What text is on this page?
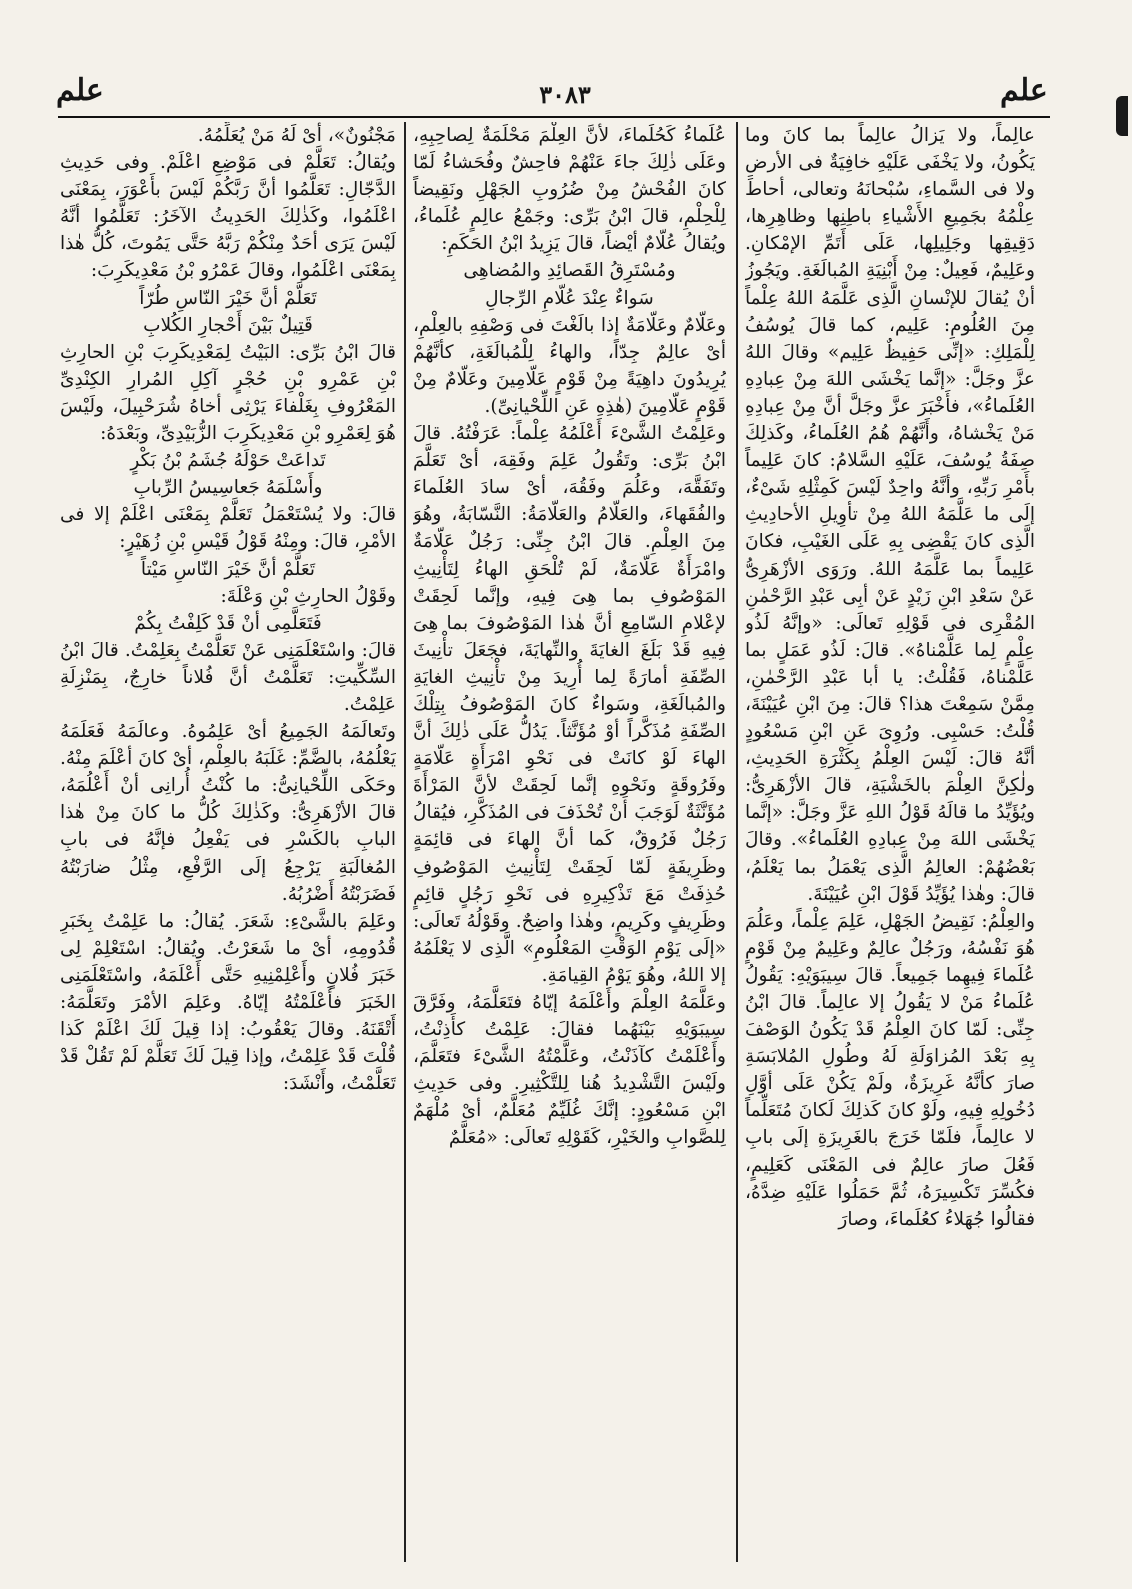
علم
٣٠٨٣
علم

عالِماً، ولا يَزالُ عالِماً بما كانَ وما يَكُونُ، ولا يَخْفَى عَلَيْهِ خافِيَةٌ فى الأرضِ ولا فى السَّماءِ، سُبْحانَهُ وتعالى، أحاطَ عِلْمُهُ بجَمِيعِ الأَشْياءِ باطِنِها وظاهِرِها، دَقِيقِها وجَلِيلِها، عَلَى أَتَمِّ الإمْكانِ. وعَلِيمٌ، فَعِيلٌ: مِنْ أَبْنِيَةِ المُبالَغَةِ. ويَجُوزُ أنْ يُقالَ للإنْسانِ الَّذِى عَلَّمَهُ اللهُ عِلْماً مِنَ العُلُومِ: عَلِيم، كما قالَ يُوسُفُ لِلْمَلِكِ: «إنِّى حَفِيظٌ عَلِيم» وقالَ اللهُ عزَّ وجَلَّ: «إنَّما يَخْشَى اللهَ مِنْ عِبادِهِ العُلَماءُ»، فأَخْبَرَ عزَّ وجَلَّ أنَّ مِنْ عِبادِهِ مَنْ يَخْشاهُ، وأَنَّهُمْ هُمُ العُلَماءُ، وكَذلِكَ صِفَةُ يُوسُفَ، عَلَيْهِ السَّلامُ: كانَ عَلِيماً بأَمْرِ رَبِّهِ، وأنَّهُ واحِدٌ لَيْسَ كَمِثْلِهِ شَىْءٌ، إلَى ما عَلَّمَهُ اللهُ مِنْ تأوِيلِ الأحادِيثِ الَّذِى كانَ يَقْضِى بِهِ عَلَى الغَيْبِ، فكانَ عَلِيماً بما عَلَّمَهُ اللهُ. ورَوَى الأزْهَرِىُّ عَنْ سَعْدِ ابْنِ زَيْدٍ عَنْ أبِى عَبْدِ الرَّحْمٰنِ المُقْرِى فى قَوْلِهِ تَعالَى: «وإنَّهُ لَذُو عِلْمٍ لِما عَلَّمْناهُ». قالَ: لَذُو عَمَلٍ بما عَلَّمْناهُ، فَقُلْتُ: يا أبا عَبْدِ الرَّحْمٰنِ، مِمَّنْ سَمِعْتَ هذا؟ قالَ: مِنَ ابْنِ عُيَيْنَةَ، قُلْتُ: حَسْبِى. ورُوِىَ عَنِ ابْنِ مَسْعُودٍ أنَّهُ قالَ: لَيْسَ العِلْمُ بِكَثْرَةِ الحَدِيثِ، ولٰكِنَّ العِلْمَ بالخَشْيَةِ، قالَ الأزْهَرِىُّ: ويُؤَيِّدُ ما قالَهُ قَوْلُ اللهِ عَزَّ وجَلَّ: «إنَّما يَخْشَى اللهَ مِنْ عِبادِهِ العُلَماءُ». وقالَ بَعْضُهُمْ: العالِمُ الَّذِى يَعْمَلُ بما يَعْلَمُ، قالَ: وهٰذا يُؤَيِّدُ قَوْلَ ابْنِ عُيَيْنَةَ.

والعِلْمُ: نَقِيضُ الجَهْلِ، عَلِمَ عِلْماً، وعَلُمَ هُوَ نَفْسُهُ، ورَجُلٌ عالِمٌ وعَلِيمٌ مِنْ قَوْمٍ عُلَماءَ فِيهِما جَمِيعاً. قالَ سِيبَوَيْهِ: يَقُولُ عُلَماءُ مَنْ لا يَقُولُ إلا عالِماً. قالَ ابْنُ جِنِّى: لَمّا كانَ العِلْمُ قَدْ يَكُونُ الوَصْفَ بِهِ بَعْدَ المُزاوَلَةِ لَهُ وطُولِ المُلابَسَةِ صارَ كأنَّهُ غَرِيزَةٌ، ولَمْ يَكُنْ عَلَى أوَّلِ دُخُولِهِ فِيهِ، ولَوْ كانَ كَذلِكَ لَكانَ مُتَعَلِّماً لا عالِماً، فلَمّا خَرَجَ بالغَرِيزَةِ إلَى بابِ فَعُلَ صارَ عالِمٌ فى المَعْنَى كَعَلِيمٍ، فكُسِّرَ تَكْسِيرَهُ، ثُمَّ حَمَلُوا عَلَيْهِ ضِدَّهُ، فقالُوا جُهَلاءُ كعُلَماءَ، وصارَ

عُلَماءُ كَحُلَماءَ، لأنَّ العِلْمَ مَحْلَمَةٌ لِصاحِبِهِ، وعَلَى ذٰلِكَ جاءَ عَنْهُمْ فاحِشٌ وفُحَشاءُ لَمّا كانَ الفُحْشُ مِنْ ضُرُوبِ الجَهْلِ ونَقِيضاً لِلْحِلْمِ، قالَ ابْنُ بَرِّى: وجَمْعُ عالِمٍ عُلَماءُ، ويُقالُ عُلّامٌ أيْضاً، قالَ يَزِيدُ ابْنُ الحَكَمِ:

ومُسْتَرِقُ القَصائِدِ والمُضاهِى

سَواءٌ عِنْدَ عُلّامِ الرِّجالِ

وعَلّامٌ وعَلّامَةٌ إذا بالَغْتَ فى وَصْفِهِ بالعِلْمِ، أىْ عالِمٌ جِدّاً، والهاءُ لِلْمُبالَغَةِ، كأنَّهُمْ يُرِيدُونَ داهِيَةً مِنْ قَوْمٍ عَلّامِينَ وعَلّامٌ مِنْ قَوْمٍ عَلّامِينَ (هٰذِهِ عَنِ اللِّحْيانِىِّ).

وعَلِمْتُ الشَّىْءَ أَعْلَمُهُ عِلْماً: عَرَفْتُهُ. قالَ ابْنُ بَرِّى: وتَقُولُ عَلِمَ وفَقِهَ، أىْ تَعَلَّمَ وتَفَقَّهَ، وعَلُمَ وفَقُهَ، أىْ سادَ العُلَماءَ والفُقَهاءَ، والعَلّامُ والعَلّامَةُ: النَّسّابَةُ، وهُوَ مِنَ العِلْمِ. قالَ ابْنُ جِنِّى: رَجُلٌ عَلّامَةٌ وامْرَأَةٌ عَلّامَةٌ، لَمْ تُلْحَقِ الهاءُ لِتَأْنِيثِ المَوْصُوفِ بما هِىَ فِيهِ، وإنَّما لَحِقَتْ لإعْلامِ السّامِعِ أنَّ هٰذا المَوْصُوفَ بما هِىَ فِيهِ قَدْ بَلَغَ الغايَةَ والنِّهايَةَ، فجَعَلَ تأْنِيثَ الصِّفَةِ أمارَةً لِما أُرِيدَ مِنْ تأْنِيثِ الغايَةِ والمُبالَغَةِ، وسَواءٌ كانَ المَوْصُوفُ بِتِلْكَ الصِّفَةِ مُذَكَّراً أوْ مُؤَنَّثاً. يَدُلُّ عَلَى ذٰلِكَ أنَّ الهاءَ لَوْ كانَتْ فى نَحْوِ امْرَأَةٍ عَلّامَةٍ وفَرُوقَةٍ ونَحْوِهِ إنَّما لَحِقَتْ لأنَّ المَرْأَةَ مُؤَنَّثَةٌ لَوَجَبَ أنْ تُحْذَفَ فى المُذَكَّرِ، فيُقالُ رَجُلٌ فَرُوقٌ، كَما أنَّ الهاءَ فى قائِمَةٍ وظَرِيفَةٍ لَمّا لَحِقَتْ لِتَأْنِيثِ المَوْصُوفِ حُذِفَتْ مَعَ تَذْكِيرِهِ فى نَحْوِ رَجُلٍ قائِمٍ وظَرِيفٍ وكَرِيمٍ، وهٰذا واضِحٌ. وقَوْلُهُ تَعالَى: «إلَى يَوْمِ الوَقْتِ المَعْلُومِ» الَّذِى لا يَعْلَمُهُ إلا اللهُ، وهُوَ يَوْمُ القِيامَةِ.

وعَلَّمَهُ العِلْمَ وأَعْلَمَهُ إيّاهُ فتَعَلَّمَهُ، وفَرَّقَ سِيبَوَيْهِ بَيْنَهُما فقالَ: عَلِمْتُ كأَذِنْتُ، وأَعْلَمْتُ كآذَنْتُ، وعَلَّمْتُهُ الشَّىْءَ فتَعَلَّمَ، ولَيْسَ التَّشْدِيدُ هُنا لِلتَّكْثِيرِ. وفى حَدِيثِ ابْنِ مَسْعُودٍ: إنَّكَ غُلَيِّمٌ مُعَلَّمٌ، أىْ مُلْهَمٌ لِلصَّوابِ والخَيْرِ، كَقَوْلِهِ تَعالَى: «مُعَلَّمٌ

مَجْنُونٌ»، أىْ لَهُ مَنْ يُعَلِّمُهُ.

ويُقالُ: تَعَلَّمْ فى مَوْضِعِ اعْلَمْ. وفى حَدِيثِ الدَّجّالِ: تَعَلَّمُوا أنَّ رَبَّكُمْ لَيْسَ بأَعْوَرَ، بِمَعْنَى اعْلَمُوا، وكَذٰلِكَ الحَدِيثُ الآخَرُ: تَعَلَّمُوا أنَّهُ لَيْسَ يَرَى أحَدٌ مِنْكُمْ رَبَّهُ حَتَّى يَمُوتَ، كُلُّ هٰذا بِمَعْنَى اعْلَمُوا، وقالَ عَمْرُو بْنُ مَعْدِيكَرِبَ:

تَعَلَّمْ أنَّ خَيْرَ النّاسِ طُرّاً

قَتِيلٌ بَيْنَ أَحْجارِ الكُلابِ

قالَ ابْنُ بَرِّى: البَيْتُ لِمَعْدِيكَرِبَ بْنِ الحارِثِ بْنِ عَمْرِو بْنِ حُجْرٍ آكِلِ المُرارِ الكِنْدِىِّ المَعْرُوفِ بِغَلْفاءَ يَرْثِى أخاهُ شُرَحْبِيلَ، ولَيْسَ هُوَ لِعَمْرِو بْنِ مَعْدِيكَرِبَ الزُّبَيْدِىِّ، وبَعْدَهُ:

تَداعَتْ حَوْلَهُ جُشَمُ بْنُ بَكْرٍ

وأَسْلَمَهُ جَعاسِيسُ الرِّبابِ

قالَ: ولا يُسْتَعْمَلُ تَعَلَّمْ بِمَعْنَى اعْلَمْ إلا فى الأمْرِ، قالَ: ومِنْهُ قَوْلُ قَيْسِ بْنِ زُهَيْرٍ:

تَعَلَّمْ أنَّ خَيْرَ النّاسِ مَيْتاً

وقَوْلُ الحارِثِ بْنِ وَعْلَةَ:

فَتَعَلَّمِى أنْ قَدْ كَلِفْتُ بِكُمْ

قالَ: واسْتَعْلَمَنِى عَنْ تَعَلَّمْتُ بِعَلِمْتُ. قالَ ابْنُ السِّكِّيتِ: تَعَلَّمْتُ أنَّ فُلاناً خارِجٌ، بِمَنْزِلَةِ عَلِمْتُ.

وتَعالَمَهُ الجَمِيعُ أىْ عَلِمُوهُ. وعالَمَهُ فَعَلَمَهُ يَعْلُمُهُ، بالضَّمِّ: غَلَبَهُ بالعِلْمِ، أىْ كانَ أعْلَمَ مِنْهُ. وحَكَى اللِّحْيانِىُّ: ما كُنْتُ أُرانِى أنْ أَعْلُمَهُ، قالَ الأزْهَرِىُّ: وكَذٰلِكَ كُلُّ ما كانَ مِنْ هٰذا البابِ بالكَسْرِ فى يَفْعِلُ فإنَّهُ فى بابِ المُغالَبَةِ يَرْجِعُ إلَى الرَّفْعِ، مِثْلُ ضارَبْتُهُ فَضَرَبْتُهُ أَضْرُبُهُ.

وعَلِمَ بالشَّىْءِ: شَعَرَ. يُقالُ: ما عَلِمْتُ بِخَبَرِ قُدُومِهِ، أىْ ما شَعَرْتُ. ويُقالُ: اسْتَعْلِمْ لِى خَبَرَ فُلانٍ وأَعْلِمْنِيهِ حَتَّى أَعْلَمَهُ، واسْتَعْلَمَنِى الخَبَرَ فأَعْلَمْتُهُ إيّاهُ. وعَلِمَ الأمْرَ وتَعَلَّمَهُ: أَتْقَنَهُ. وقالَ يَعْقُوبُ: إذا قِيلَ لَكَ اعْلَمْ كَذا قُلْتَ قَدْ عَلِمْتُ، وإذا قِيلَ لَكَ تَعَلَّمْ لَمْ تَقُلْ قَدْ تَعَلَّمْتُ، وأَنْشَدَ:
